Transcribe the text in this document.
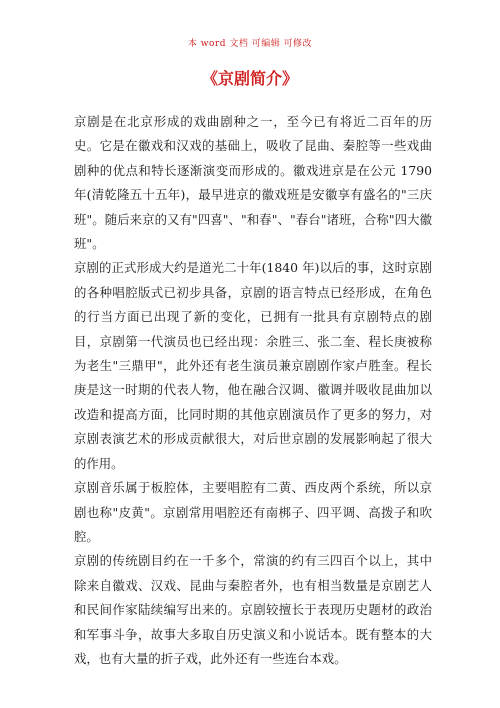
本 word 文档 可编辑 可修改
《京剧简介》

京剧是在北京形成的戏曲剧种之一，至今已有将近二百年的历史。它是在徽戏和汉戏的基础上，吸收了昆曲、秦腔等一些戏曲剧种的优点和特长逐渐演变而形成的。徽戏进京是在公元 1790 年(清乾隆五十五年)，最早进京的徽戏班是安徽享有盛名的"三庆班"。随后来京的又有"四喜"、"和春"、"春台"诸班，合称"四大徽班"。

京剧的正式形成大约是道光二十年(1840 年)以后的事，这时京剧的各种唱腔版式已初步具备，京剧的语言特点已经形成，在角色的行当方面已出现了新的变化，已拥有一批具有京剧特点的剧目，京剧第一代演员也已经出现：余胜三、张二奎、程长庚被称为老生"三鼎甲"，此外还有老生演员兼京剧剧作家卢胜奎。程长庚是这一时期的代表人物，他在融合汉调、徽调并吸收昆曲加以改造和提高方面，比同时期的其他京剧演员作了更多的努力，对京剧表演艺术的形成贡献很大，对后世京剧的发展影响起了很大的作用。

京剧音乐属于板腔体，主要唱腔有二黄、西皮两个系统，所以京剧也称"皮黄"。京剧常用唱腔还有南梆子、四平调、高拨子和吹腔。

京剧的传统剧目约在一千多个，常演的约有三四百个以上，其中除来自徽戏、汉戏、昆曲与秦腔者外，也有相当数量是京剧艺人和民间作家陆续编写出来的。京剧较擅长于表现历史题材的政治和军事斗争，故事大多取自历史演义和小说话本。既有整本的大戏，也有大量的折子戏，此外还有一些连台本戏。
